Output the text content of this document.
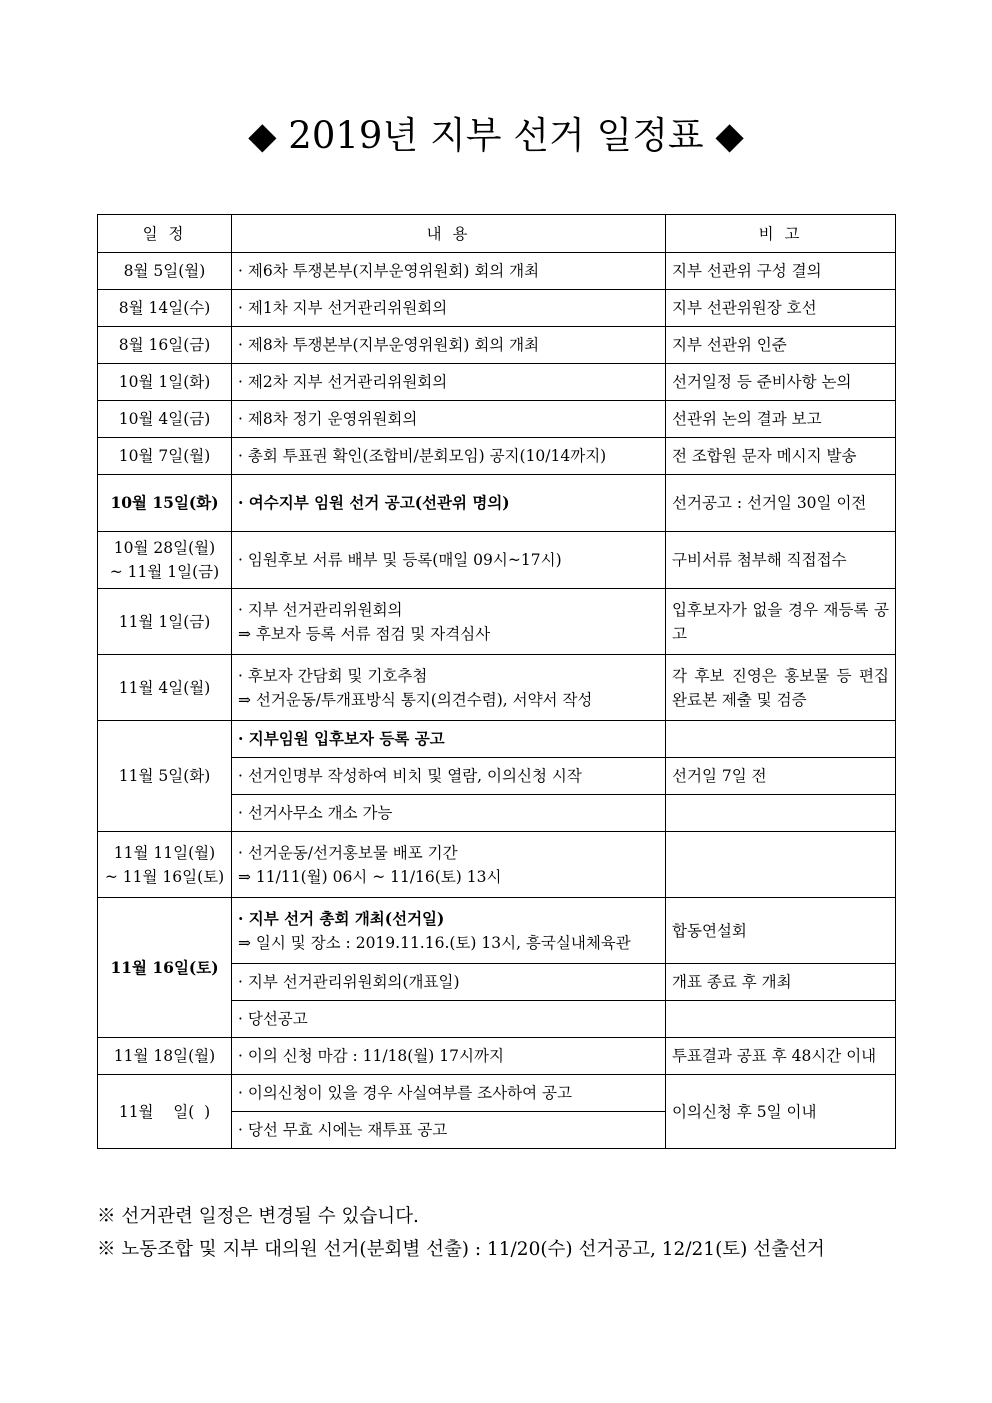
◆ 2019년 지부 선거 일정표 ◆
일 정	내 용	비 고
8월 5일(월)	· 제6차 투쟁본부(지부운영위원회) 회의 개최	지부 선관위 구성 결의
8월 14일(수)	· 제1차 지부 선거관리위원회의	지부 선관위원장 호선
8월 16일(금)	· 제8차 투쟁본부(지부운영위원회) 회의 개최	지부 선관위 인준
10월 1일(화)	· 제2차 지부 선거관리위원회의	선거일정 등 준비사항 논의
10월 4일(금)	· 제8차 정기 운영위원회의	선관위 논의 결과 보고
10월 7일(월)	· 총회 투표권 확인(조합비/분회모임) 공지(10/14까지)	전 조합원 문자 메시지 발송
10월 15일(화)	· 여수지부 임원 선거 공고(선관위 명의)	선거공고 : 선거일 30일 이전

10월 28일(월)
~ 11월 1일(금)	· 임원후보 서류 배부 및 등록(매일 09시~17시)	구비서류 첨부해 직접접수
11월 1일(금)	· 지부 선거관리위원회의
⇒ 후보자 등록 서류 점검 및 자격심사	입후보자가 없을 경우 재등록 공고
11월 4일(월)	· 후보자 간담회 및 기호추첨
⇒ 선거운동/투개표방식 통지(의견수렴), 서약서 작성	각 후보 진영은 홍보물 등 편집 완료본 제출 및 검증
11월 5일(화)	· 지부임원 입후보자 등록 공고	
	· 선거인명부 작성하여 비치 및 열람, 이의신청 시작	선거일 7일 전
	· 선거사무소 개소 가능	

11월 11일(월)
~ 11월 16일(토)	· 선거운동/선거홍보물 배포 기간
⇒ 11/11(월) 06시 ~ 11/16(토) 13시	

11월 16일(토)	· 지부 선거 총회 개최(선거일)
⇒ 일시 및 장소 : 2019.11.16.(토) 13시, 흥국실내체육관	합동연설회
	· 지부 선거관리위원회의(개표일)	개표 종료 후 개최
	· 당선공고	
11월 18일(월)	· 이의 신청 마감 : 11/18(월) 17시까지	투표결과 공표 후 48시간 이내
11월    일(  )	· 이의신청이 있을 경우 사실여부를 조사하여 공고	이의신청 후 5일 이내
	· 당선 무효 시에는 재투표 공고	
※ 선거관련 일정은 변경될 수 있습니다.
※ 노동조합 및 지부 대의원 선거(분회별 선출) : 11/20(수) 선거공고, 12/21(토) 선출선거
